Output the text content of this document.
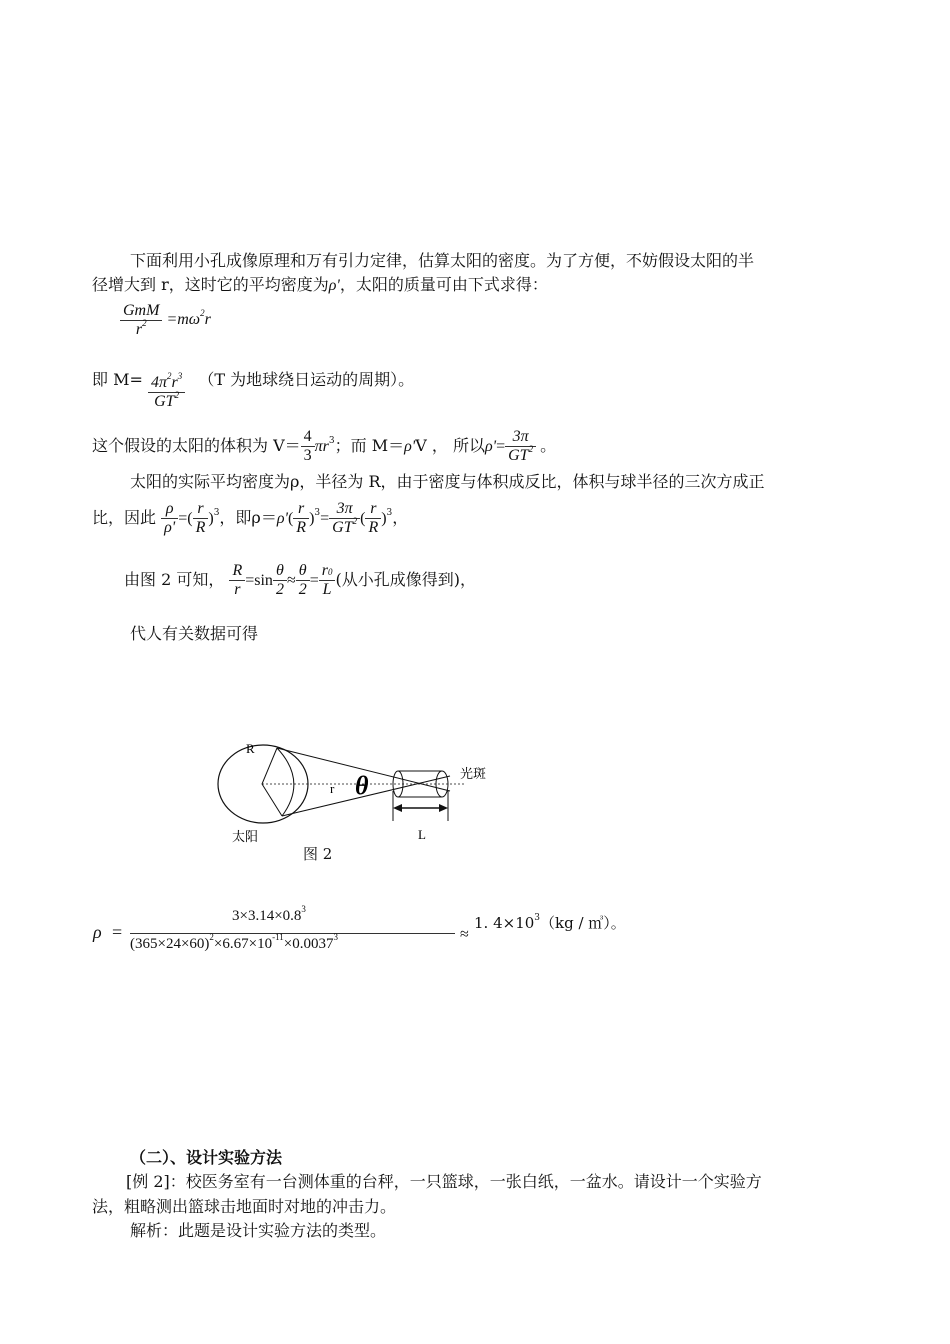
下面利用小孔成像原理和万有引力定律，估算太阳的密度。为了方便，不妨假设太阳的半
径增大到 r，这时它的平均密度为ρ'，太阳的质量可由下式求得：
$\frac{\text{GmM}}{r^2} =m\omega^2r$
即 $M= \frac{4\pi^2r^3}{GT^2} (T$ 为地球绕日运动的周期）。
这个假设的太阳的体积为 $V= \frac{4}{3} \pi r^3$；而 M＝ρ'V ， 所以$\rho'= \frac{3\pi}{GT^2}$ 。
太阳的实际平均密度为ρ，半径为 R，由于密度与体积成反比，体积与球半径的三次方成正
比，因此 $\frac{\rho}{\rho'}$ =( $\frac{r}{R} )^3$，即$\rho=\rho'( \frac{r}{R} )^3= \frac{3\pi}{GT^2}$ ( $\frac{r}{R} )^3$，
由图 2 可知， $\frac{R}{r} =\sin \frac{\theta}{2} \approx \frac{\theta}{2} = \frac{r0}{L}$ (从小孔成像得到)，
代人有关数据可得
θ
R
r
L
太阳
光斑
图 2
ρ =
$3\times 3.14\times 0.8^3$
$(365\times 24\times 60)^2\times 6.67\times 10^{-11}\times 0.0037^3$	≈
1. $4\times 10^3(kg$ / ㎥）。
（二）、设计实验方法
[例 2]：校医务室有一台测体重的台秤，一只篮球，一张白纸，一盆水。请设计一个实验方
法，粗略测出篮球击地面时对地的冲击力。
解析：此题是设计实验方法的类型。
